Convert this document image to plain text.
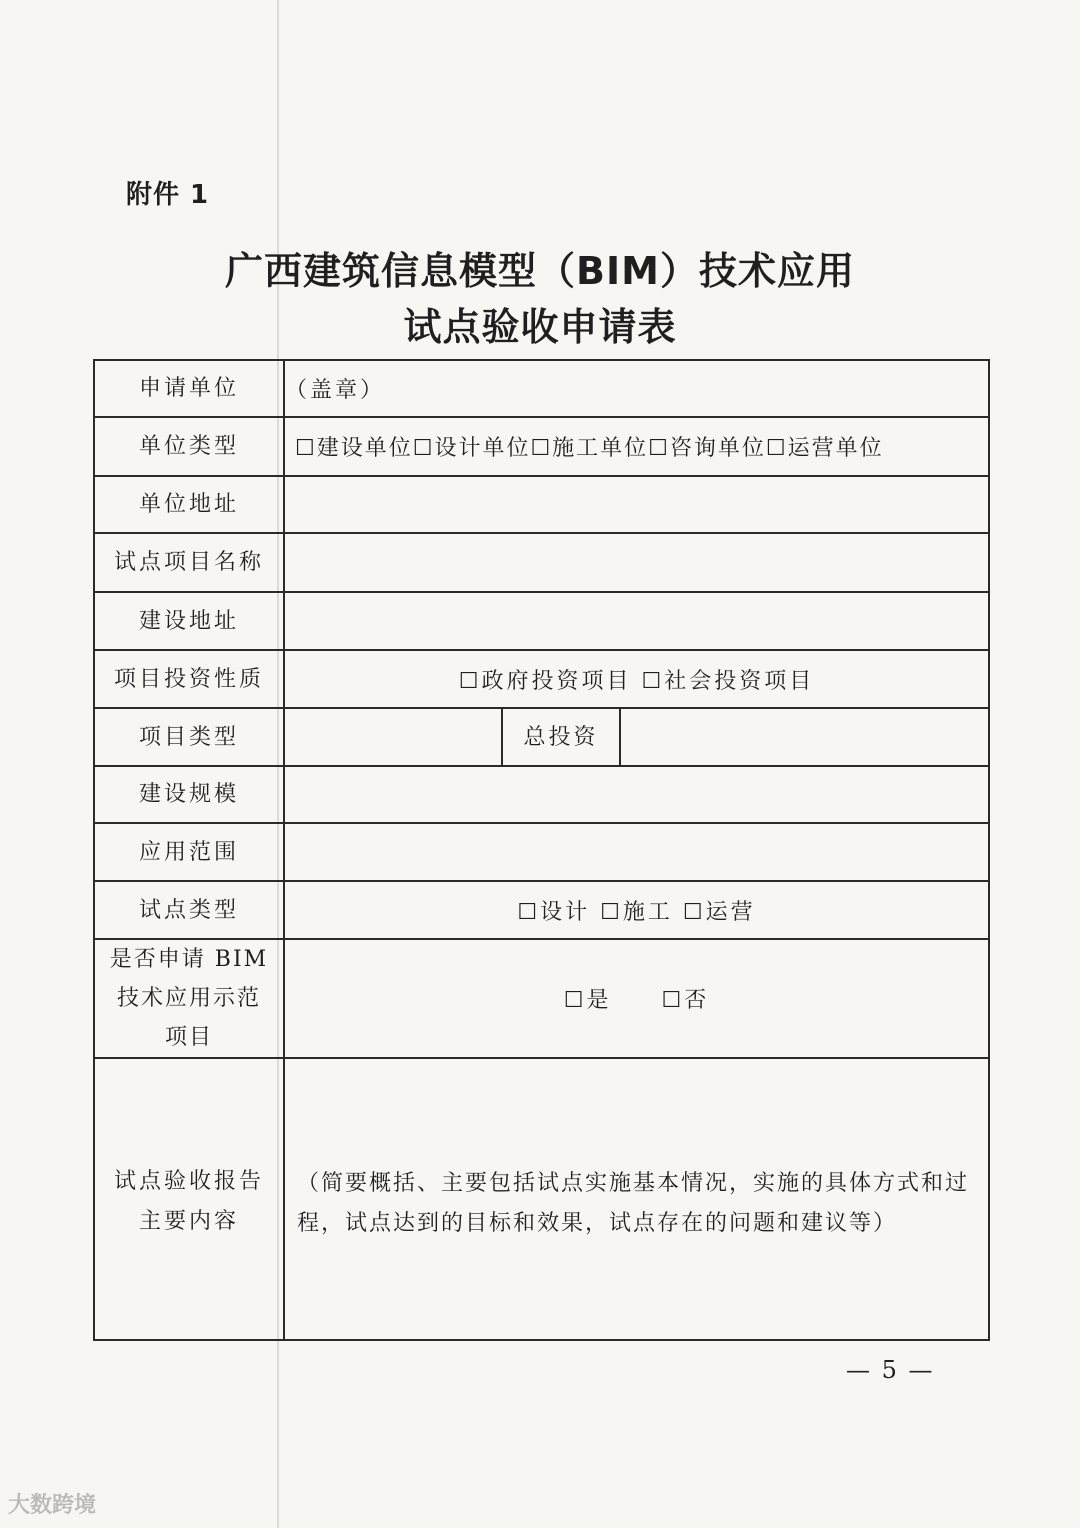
附件 1
广西建筑信息模型（BIM）技术应用
试点验收申请表
申请单位	（盖章）		
单位类型	☐建设单位☐设计单位☐施工单位☐咨询单位☐运营单位		
单位地址			
试点项目名称			
建设地址			
项目投资性质	☐政府投资项目 ☐社会投资项目		
项目类型		总投资	
建设规模			
应用范围			
试点类型	☐设计 ☐施工 ☐运营		

是否申请 BIM
技术应用示范
项目	☐是     ☐否		

试点验收报告
主要内容	（简要概括、主要包括试点实施基本情况，实施的具体方式和过程，试点达到的目标和效果，试点存在的问题和建议等）		
— 5 —
大数跨境
